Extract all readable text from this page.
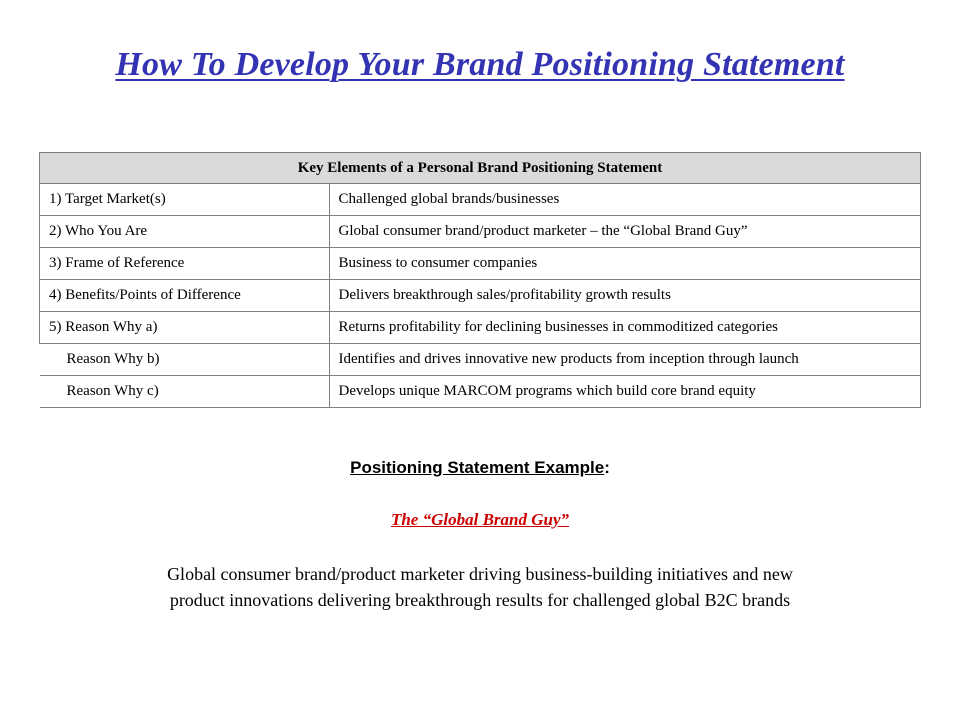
How To Develop Your Brand Positioning Statement
Key Elements of a Personal Brand Positioning Statement	
1) Target Market(s)	Challenged global brands/businesses
2) Who You Are	Global consumer brand/product marketer – the “Global Brand Guy”
3) Frame of Reference	Business to consumer companies
4) Benefits/Points of Difference	Delivers breakthrough sales/profitability growth results
5) Reason Why a)	Returns profitability for declining businesses in commoditized categories
Reason Why b)	Identifies and drives innovative new products from inception through launch
Reason Why c)	Develops unique MARCOM programs which build core brand equity
Positioning Statement Example:
The “Global Brand Guy”
Global consumer brand/product marketer driving business-building initiatives and new
product innovations delivering breakthrough results for challenged global B2C brands
